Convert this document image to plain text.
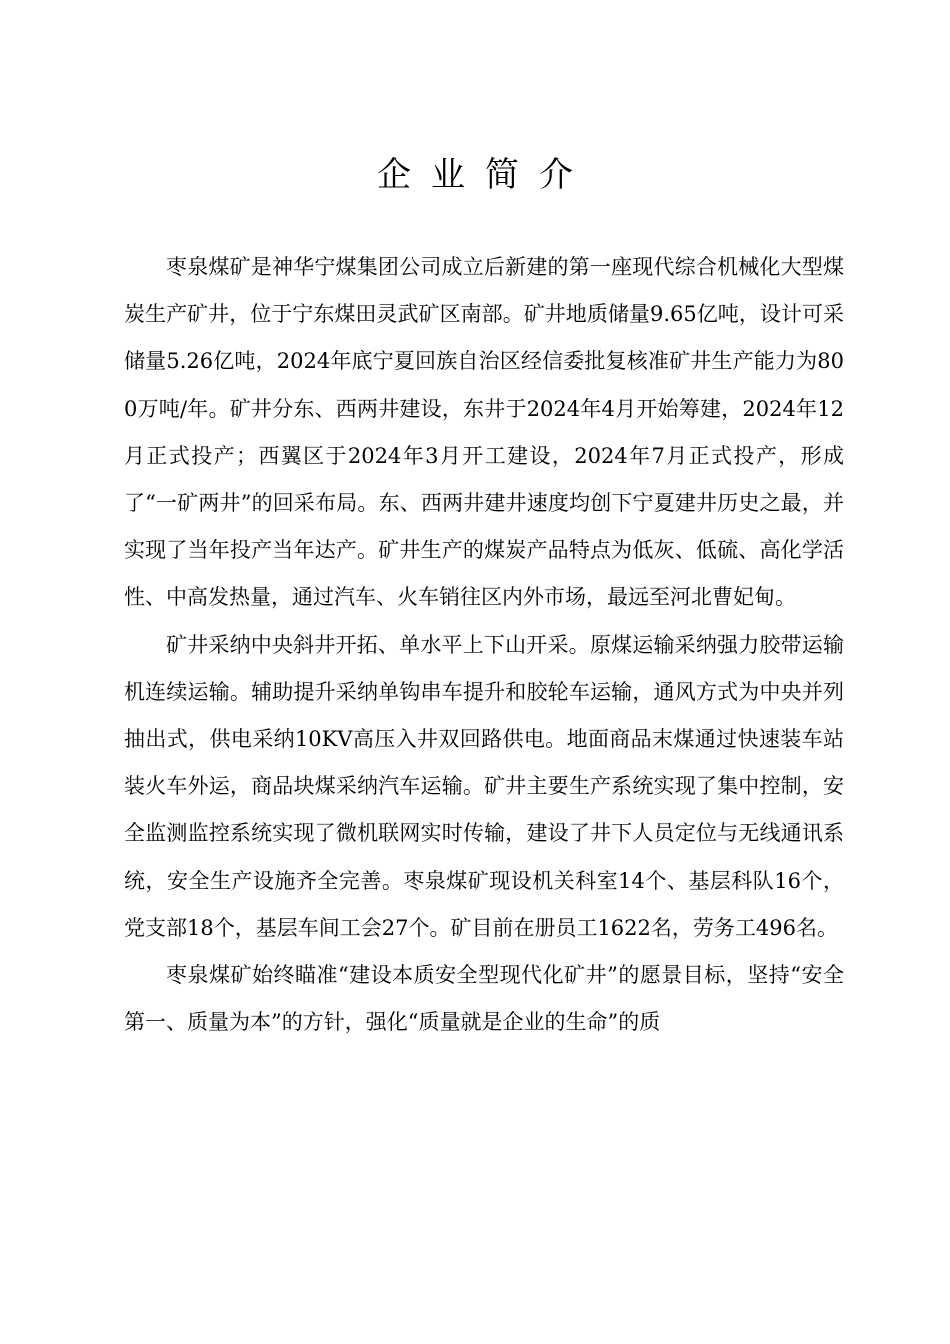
企业简介

枣泉煤矿是神华宁煤集团公司成立后新建的第一座现代综合机械化大型煤炭生产矿井，位于宁东煤田灵武矿区南部。矿井地质储量9.65亿吨，设计可采储量5.26亿吨，2024年底宁夏回族自治区经信委批复核准矿井生产能力为800万吨/年。矿井分东、西两井建设，东井于2024年4月开始筹建，2024年12月正式投产；西翼区于2024年3月开工建设，2024年7月正式投产，形成了“一矿两井”的回采布局。东、西两井建井速度均创下宁夏建井历史之最，并实现了当年投产当年达产。矿井生产的煤炭产品特点为低灰、低硫、高化学活性、中高发热量，通过汽车、火车销往区内外市场，最远至河北曹妃甸。

矿井采纳中央斜井开拓、单水平上下山开采。原煤运输采纳强力胶带运输机连续运输。辅助提升采纳单钩串车提升和胶轮车运输，通风方式为中央并列抽出式，供电采纳10KV高压入井双回路供电。地面商品末煤通过快速装车站装火车外运，商品块煤采纳汽车运输。矿井主要生产系统实现了集中控制，安全监测监控系统实现了微机联网实时传输，建设了井下人员定位与无线通讯系统，安全生产设施齐全完善。枣泉煤矿现设机关科室14个、基层科队16个，党支部18个，基层车间工会27个。矿目前在册员工1622名，劳务工496名。

枣泉煤矿始终瞄准“建设本质安全型现代化矿井”的愿景目标，坚持“安全第一、质量为本”的方针，强化“质量就是企业的生命”的质
